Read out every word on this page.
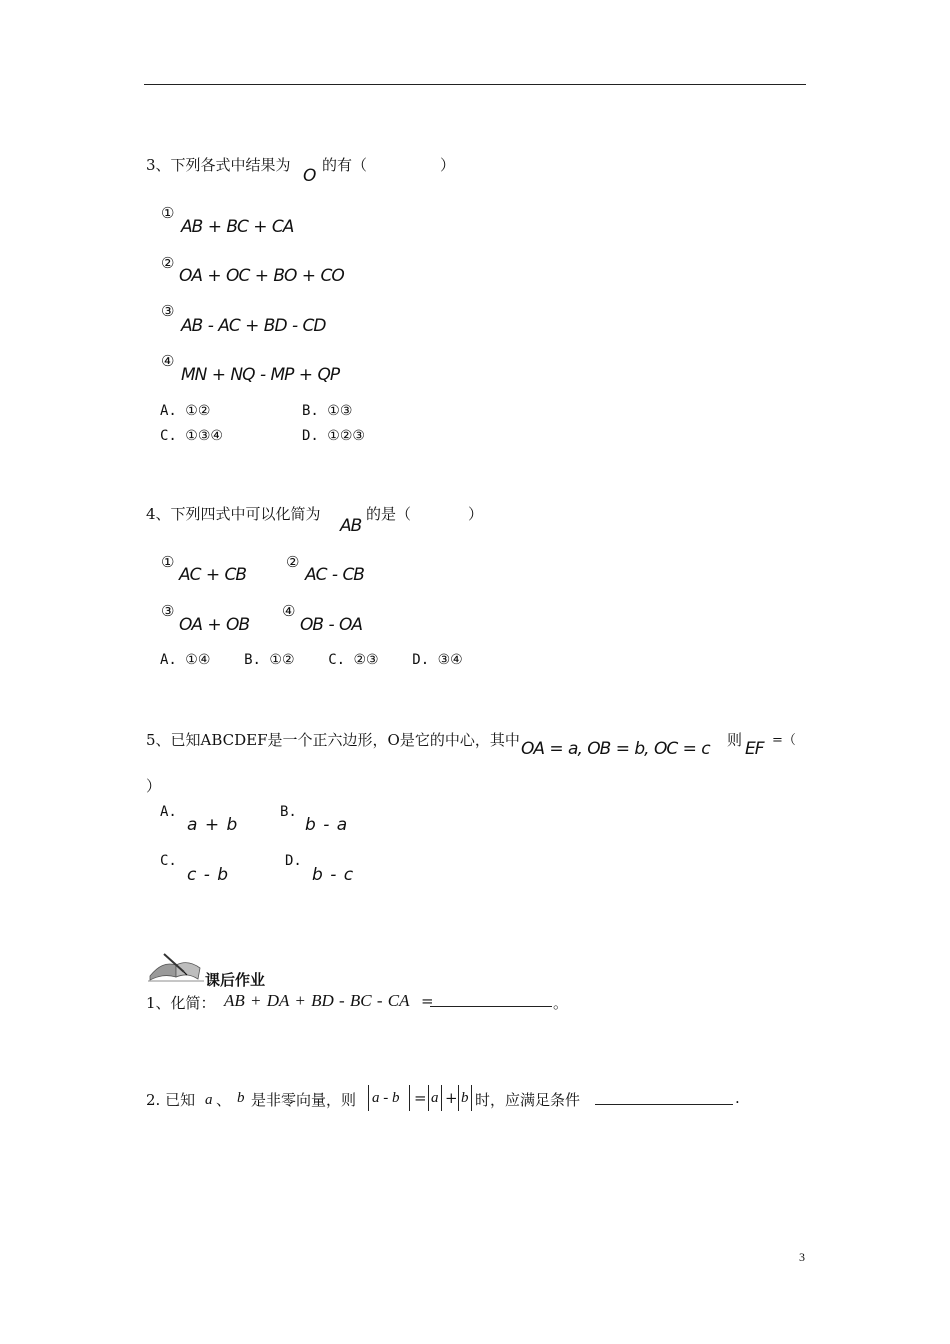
3、下列各式中结果为
O
的有（	）
①
AB + BC + CA
②
OA + OC + BO + CO
③
AB - AC + BD - CD
④
MN + NQ - MP + QP
A. ①②	B. ①③
C. ①③④	D. ①②③
4、下列四式中可以化简为
AB
的是（	）
①
AC + CB
②
AC - CB
③
OA + OB
④
OB - OA
A. ①④    B. ①②    C. ②③    D. ③④
5、已知ABCDEF是一个正六边形，O是它的中心，其中 OA = a, OB = b, OC = c 则 EF =（
）
A.
a + b
B.
b - a
C.
c - b
D.
b - c
课后作业
1、化简： AB + DA + BD - BC - CA =	。
2. 已知 a 、 b 是非零向量，则 a - b = a + b 时，应满足条件	.
3
